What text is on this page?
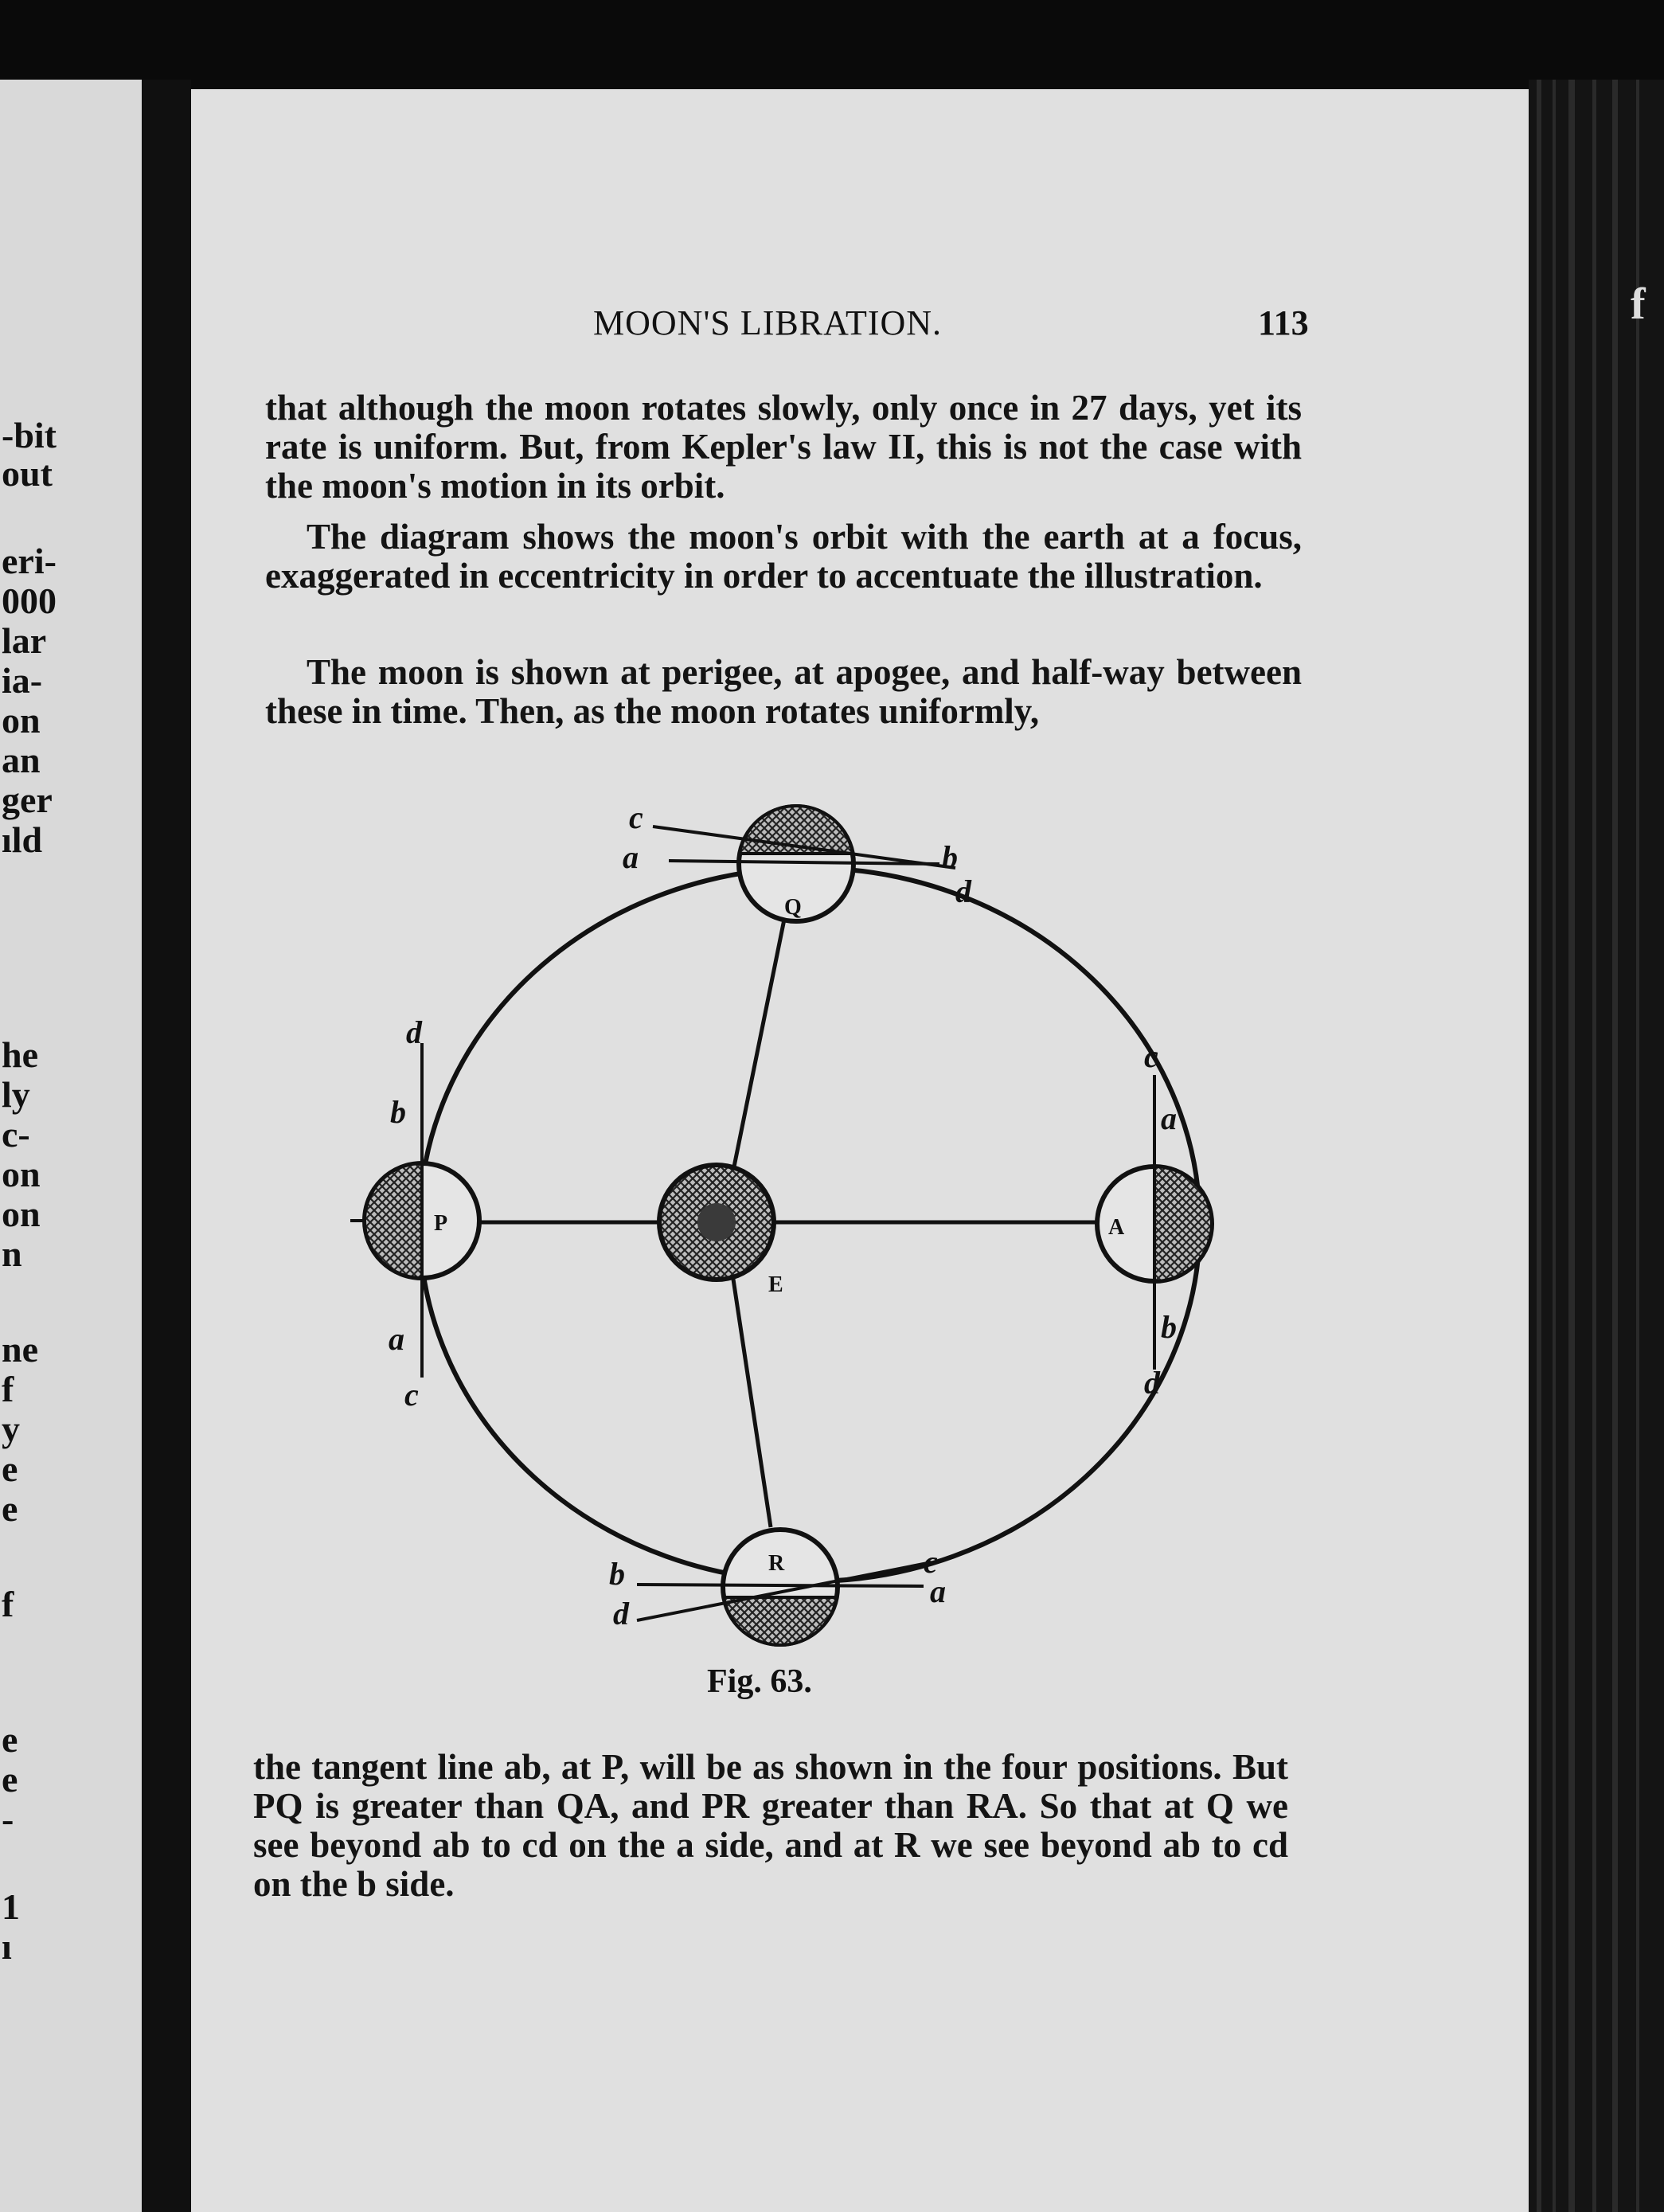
-bit
out
eri-
000
lar
ia-
on
an
ger
ıld
he
ly
c-
on
on
n
ne
f
y
e
e
f
e
e
-
1
ı
f
MOON'S LIBRATION.	113
that although the moon rotates slowly, only once in 27 days, yet its rate is uniform. But, from Kepler's law II, this is not the case with the moon's motion in its orbit.
The diagram shows the moon's orbit with the earth at a focus, exaggerated in eccentricity in order to accentuate the illustration.
The moon is shown at perigee, at apogee, and half-way between these in time. Then, as the moon rotates uniformly,
E
Q
c
a	b
d
P
d
b
a
c
A
c
a
b
d
R
b
d
c
a
Fig. 63.
the tangent line ab, at P, will be as shown in the four positions. But PQ is greater than QA, and PR greater than RA. So that at Q we see beyond ab to cd on the a side, and at R we see beyond ab to cd on the b side.
